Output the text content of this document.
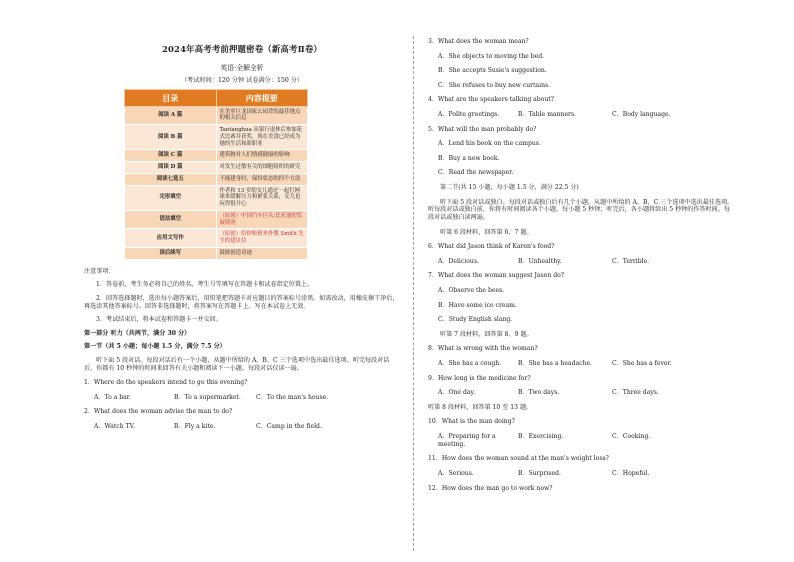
2024年高考考前押题密卷（新高考Ⅱ卷）
英语·全解全析
（考试时间：120 分钟 试卷满分：150 分）
目录	内容提要
阅读 A 篇	在美单巨龙国家公园背的最佳地点的相关信息
阅读 B 篇	Tantanghua 从银行退休后参加花式比赛并获奖，现在美食已经成为她的生活和新职业
阅读 C 篇	建筑物对人们情感健康的影响
阅读 D 篇	对发生过敏有关的细胞组织的研究
阅读七选五	不能建身时，保持状态的四个方法
完形填空	作者和 13 岁的女儿通过一起打网球来缓解压力和紧张关系，女儿也玩得很开心
语法填空	（原创）中国汽车巨头:比亚迪的发展情况
应用文写作	（原创）给你校新来外教 Smith 先生的建议信
读后续写	鼓励创造奇迹
注意事项：
1．答卷前，考生务必将自己的姓名、考生号等填写在答题卡和试卷指定位置上。
2．回答选择题时，选出每小题答案后，用铅笔把答题卡对应题目的答案标号涂黑。如需改动，用橡皮擦干净后，再选涂其他答案标号。回答非选择题时，将答案写在答题卡上。写在本试卷上无效。
3．考试结束后，将本试卷和答题卡一并交回。
第一部分 听力（共两节，满分 30 分）
第一节（共 5 小题；每小题 1.5 分，满分 7.5 分）
听下面 5 段对话。每段对话后有一个小题，从题中所给的 A、B、C 三个选项中选出最佳选项。听完每段对话后，你都有 10 秒钟的时间来回答有关小题和阅读下一小题。每段对话仅读一遍。
1．Where do the speakers intend to go this evening?
A．To a bar.	B．To a supermarket.	C．To the man's house.
2．What does the woman advise the man to do?
A．Watch TV.	B．Fly a kite.	C．Camp in the field.
3．What does the woman mean?
A．She objects to moving the bed.
B．She accepts Susie's suggestion.
C．She refuses to buy new curtains.
4．What are the speakers talking about?
A．Polite greetings.	B．Table manners.	C．Body language.
5．What will the man probably do?
A．Lend his book on the campus.
B．Buy a new book.
C．Read the newspaper.
第二节(共 15 小题，每小题 1.5 分，满分 22.5 分)
听下面 5 段对话或独白。每段对话或独白后有几个小题，从题中所给的 A、B、C 三个选项中选出最佳选项。听每段对话或独白前，你将有时间阅读各个小题，每小题 5 秒钟；听完后，各小题将给出 5 秒钟的作答时间。每段对话或独白读两遍。
听第 6 段材料，回答第 6、7 题。
6．What did Jason think of Karen's food?
A．Delicious.	B．Unhealthy.	C．Terrible.
7．What does the woman suggest Jason do?
A．Observe the bees.
B．Have some ice cream.
C．Study English slang.
听第 7 段材料，回答第 8、9 题。
8．What is wrong with the woman?
A．She has a cough.	B．She has a headache.	C．She has a fever.
9．How long is the medicine for?
A．One day.	B．Two days.	C．Three days.
听第 8 段材料，回答第 10 至 13 题。
10．What is the man doing?
A．Preparing for a meeting.
B．Exercising.	C．Cooking.
11．How does the woman sound at the man's weight loss?
A．Serious.	B．Surprised.	C．Hopeful.
12．How does the man go to work now?
